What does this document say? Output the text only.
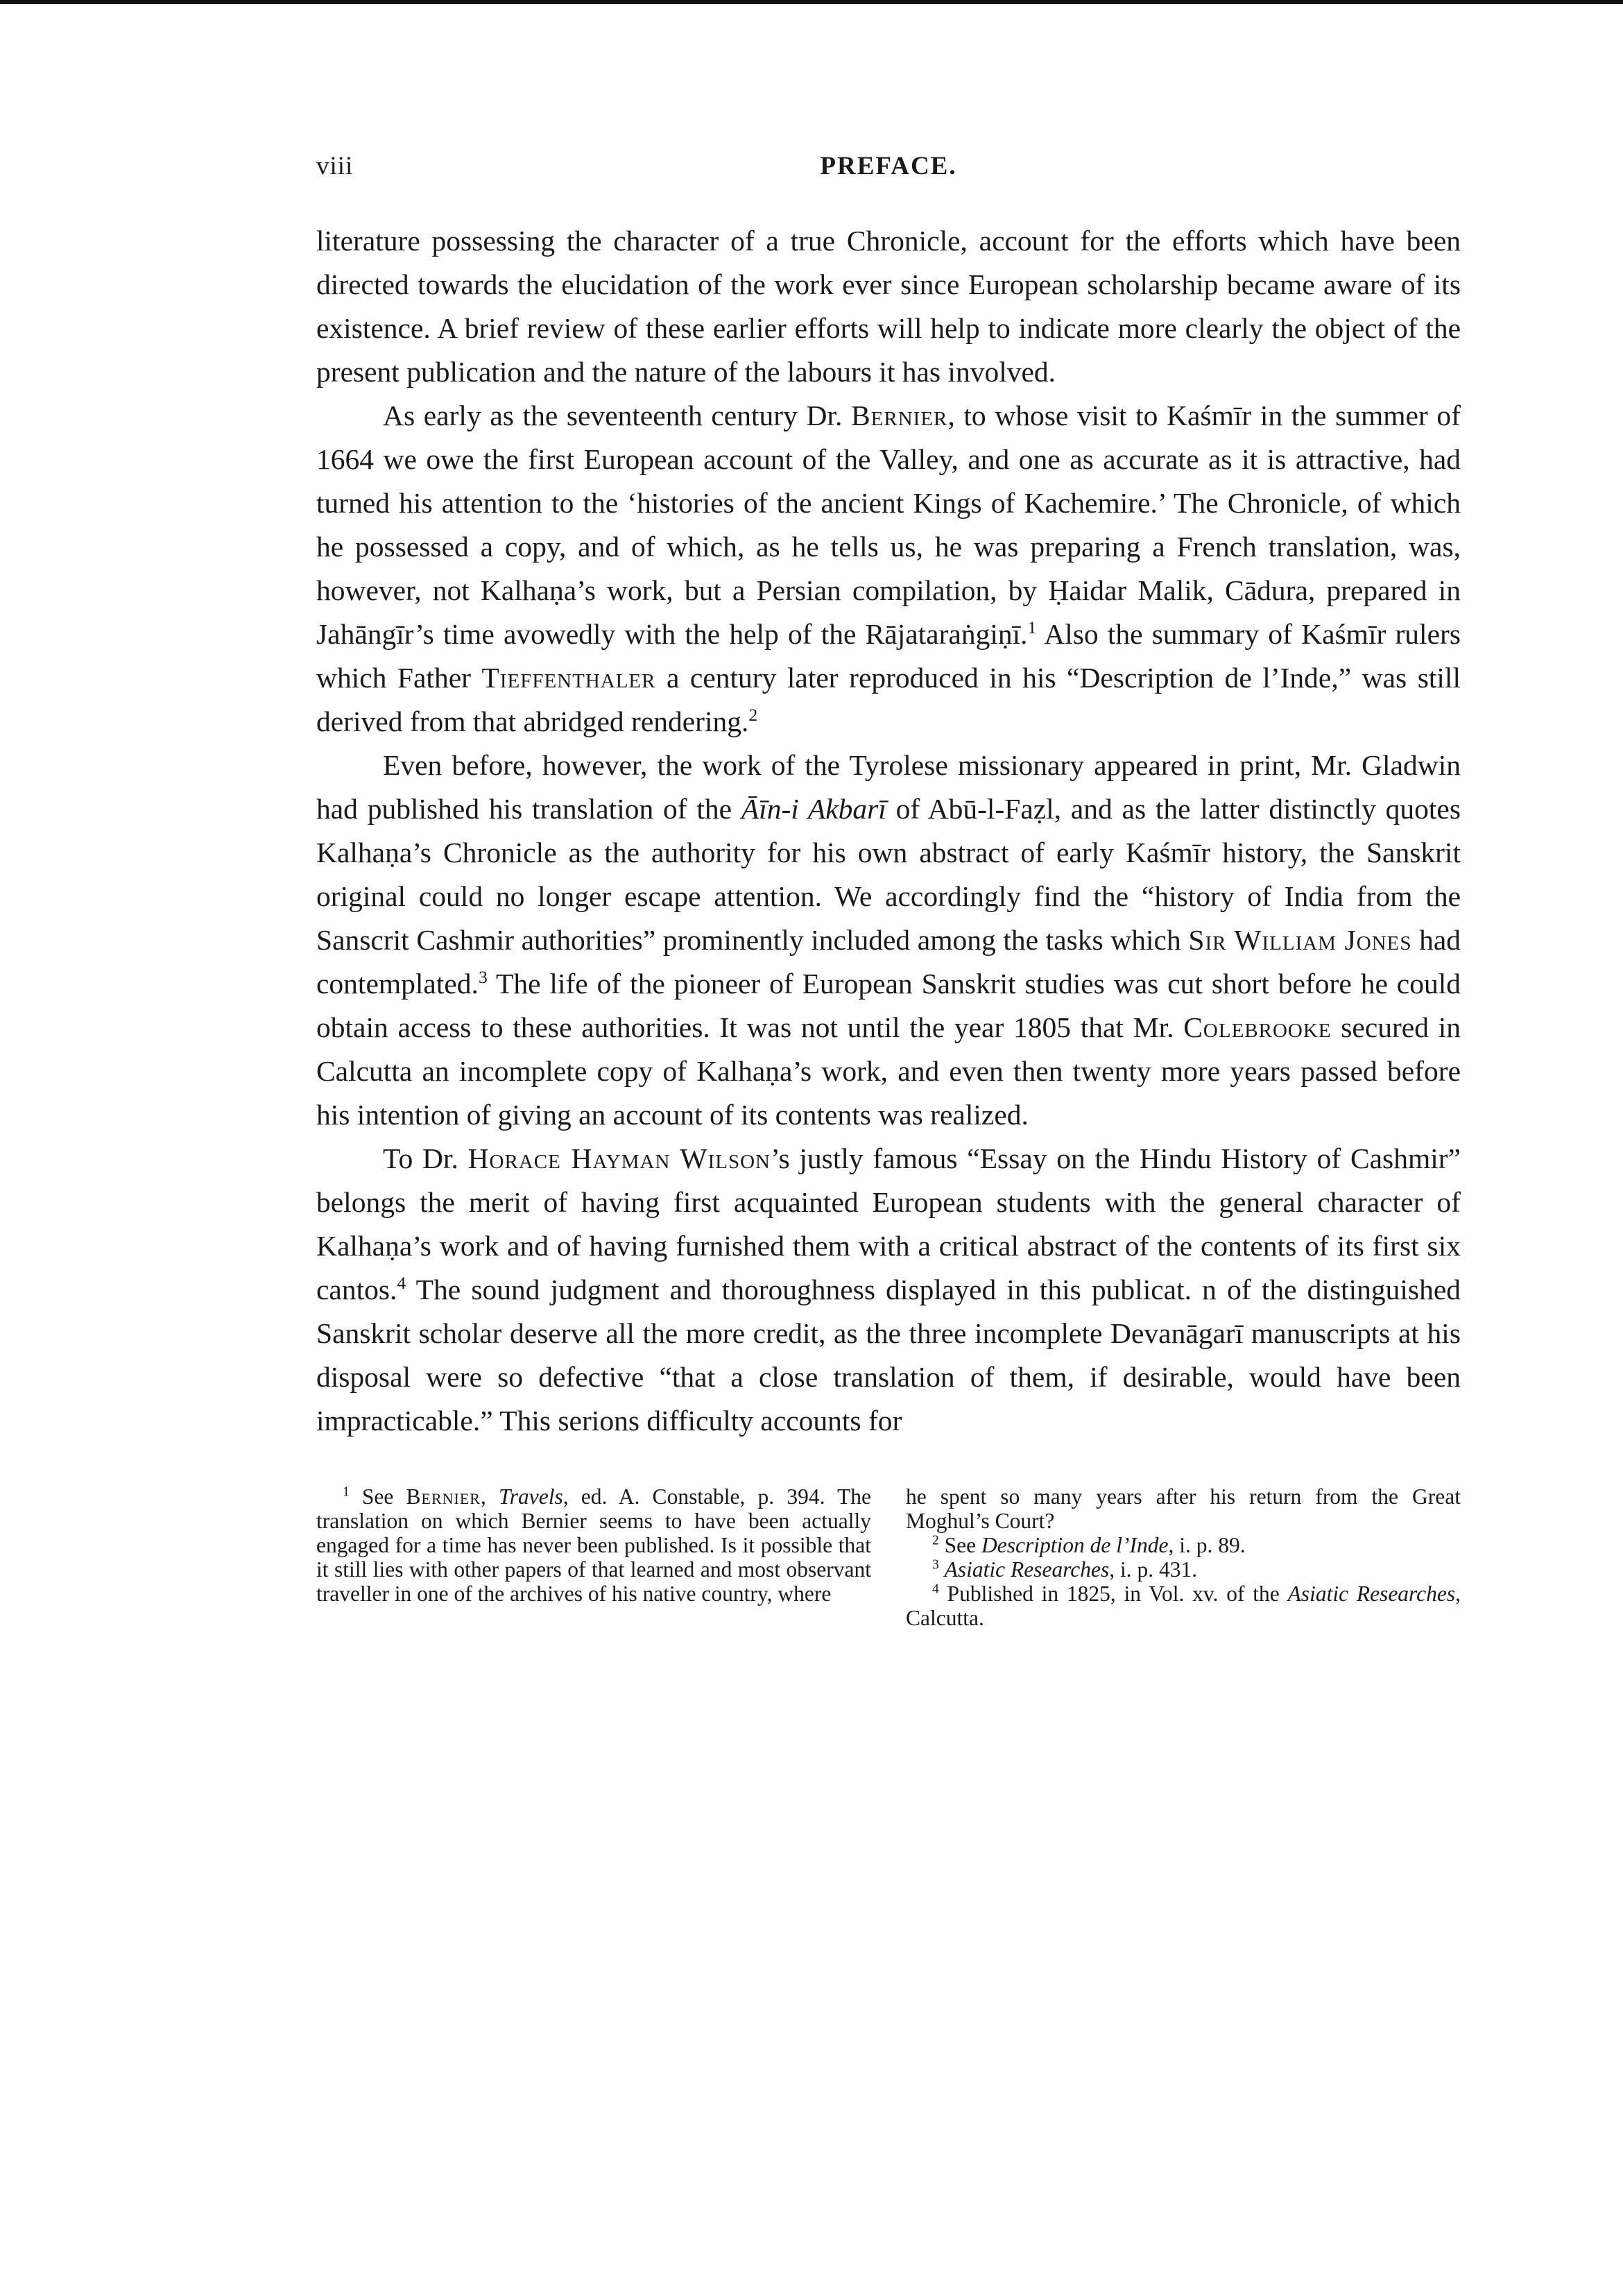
viii	PREFACE.

literature possessing the character of a true Chronicle, account for the efforts which have been directed towards the elucidation of the work ever since European scholarship became aware of its existence. A brief review of these earlier efforts will help to indicate more clearly the object of the present publication and the nature of the labours it has involved.

As early as the seventeenth century Dr. Bernier, to whose visit to Kaśmīr in the summer of 1664 we owe the first European account of the Valley, and one as accurate as it is attractive, had turned his attention to the ‘histories of the ancient Kings of Kachemire.’ The Chronicle, of which he possessed a copy, and of which, as he tells us, he was preparing a French translation, was, however, not Kalhaṇa’s work, but a Persian compilation, by Ḥaidar Malik, Cādura, prepared in Jahāngīr’s time avowedly with the help of the Rājataraṅgiṇī.$^1$ Also the summary of Kaśmīr rulers which Father Tieffenthaler a century later reproduced in his “Description de l’Inde,” was still derived from that abridged rendering.$^2$

Even before, however, the work of the Tyrolese missionary appeared in print, Mr. Gladwin had published his translation of the Āīn-i Akbarī of Abū-l-Faẓl, and as the latter distinctly quotes Kalhaṇa’s Chronicle as the authority for his own abstract of early Kaśmīr history, the Sanskrit original could no longer escape attention. We accordingly find the “history of India from the Sanscrit Cashmir authorities” prominently included among the tasks which Sir William Jones had contemplated.$^3$ The life of the pioneer of European Sanskrit studies was cut short before he could obtain access to these authorities. It was not until the year 1805 that Mr. Colebrooke secured in Calcutta an incomplete copy of Kalhaṇa’s work, and even then twenty more years passed before his intention of giving an account of its contents was realized.

To Dr. Horace Hayman Wilson’s justly famous “Essay on the Hindu History of Cashmir” belongs the merit of having first acquainted European students with the general character of Kalhaṇa’s work and of having furnished them with a critical abstract of the contents of its first six cantos.$^4$ The sound judgment and thoroughness displayed in this publicat. n of the distinguished Sanskrit scholar deserve all the more credit, as the three incomplete Devanāgarī manuscripts at his disposal were so defective “that a close translation of them, if desirable, would have been impracticable.” This serions difficulty accounts for

$^1$ See Bernier, Travels, ed. A. Constable, p. 394. The translation on which Bernier seems to have been actually engaged for a time has never been published. Is it possible that it still lies with other papers of that learned and most observant traveller in one of the archives of his native country, where

he spent so many years after his return from the Great Moghul’s Court?

$^2$ See Description de l’Inde, i. p. 89.

$^3$ Asiatic Researches, i. p. 431.

$^4$ Published in 1825, in Vol. xv. of the Asiatic Researches, Calcutta.
